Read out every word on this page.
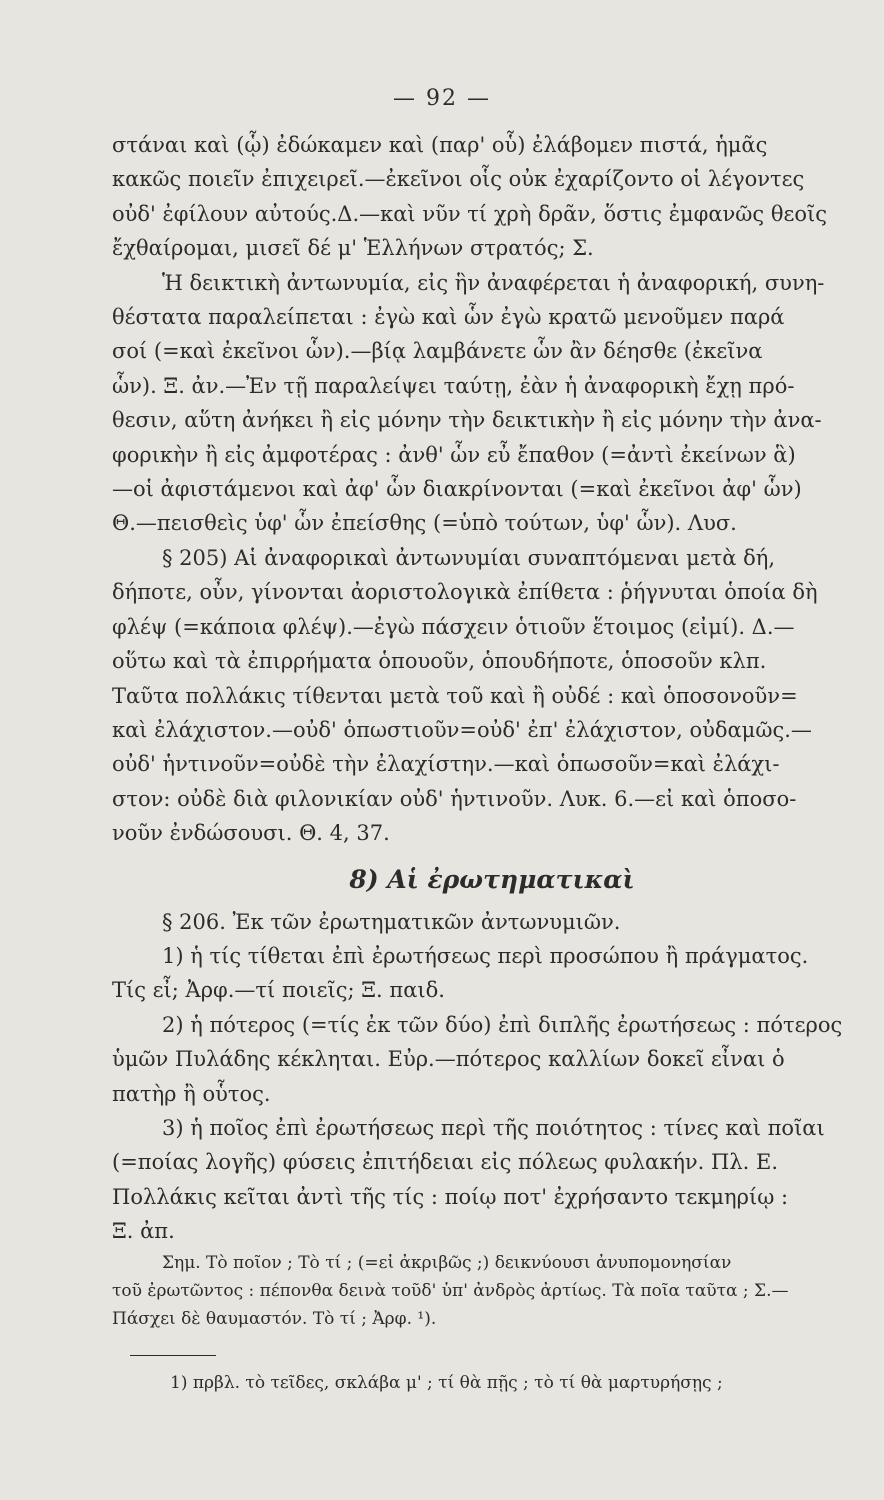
— 92 —

στάναι καὶ (ᾧ) ἐδώκαμεν καὶ (παρ' οὗ) ἐλάβομεν πιστά, ἡμᾶς
κακῶς ποιεῖν ἐπιχειρεῖ.—ἐκεῖνοι οἷς οὐκ ἐχαρίζοντο οἱ λέγοντες
οὐδ' ἐφίλουν αὐτούς.Δ.—καὶ νῦν τί χρὴ δρᾶν, ὅστις ἐμφανῶς θεοῖς
ἔχθαίρομαι, μισεῖ δέ μ' Ἑλλήνων στρατός; Σ.

Ἡ δεικτικὴ ἀντωνυμία, εἰς ἣν ἀναφέρεται ἡ ἀναφορική, συνη-
θέστατα παραλείπεται : ἐγὼ καὶ ὧν ἐγὼ κρατῶ μενοῦμεν παρά
σοί (=καὶ ἐκεῖνοι ὧν).—βίᾳ λαμβάνετε ὧν ἂν δέησθε (ἐκεῖνα
ὧν). Ξ. ἀν.—Ἐν τῇ παραλείψει ταύτῃ, ἐὰν ἡ ἀναφορικὴ ἔχῃ πρό-
θεσιν, αὕτη ἀνήκει ἢ εἰς μόνην τὴν δεικτικὴν ἢ εἰς μόνην τὴν ἀνα-
φορικὴν ἢ εἰς ἀμφοτέρας : ἀνθ' ὧν εὖ ἔπαθον (=ἀντὶ ἐκείνων ἃ)
—οἱ ἀφιστάμενοι καὶ ἀφ' ὧν διακρίνονται (=καὶ ἐκεῖνοι ἀφ' ὧν)
Θ.—πεισθεὶς ὑφ' ὧν ἐπείσθης (=ὑπὸ τούτων, ὑφ' ὧν). Λυσ.

§ 205) Αἱ ἀναφορικαὶ ἀντωνυμίαι συναπτόμεναι μετὰ δή,
δήποτε, οὖν, γίνονται ἀοριστολογικὰ ἐπίθετα : ῥήγνυται ὁποία δὴ
φλέψ (=κάποια φλέψ).—ἐγὼ πάσχειν ὁτιοῦν ἕτοιμος (εἰμί). Δ.—
οὕτω καὶ τὰ ἐπιρρήματα ὁπουοῦν, ὁπουδήποτε, ὁποσοῦν κλπ.
Ταῦτα πολλάκις τίθενται μετὰ τοῦ καὶ ἢ οὐδέ : καὶ ὁποσονοῦν=
καὶ ἐλάχιστον.—οὐδ' ὁπωστιοῦν=οὐδ' ἐπ' ἐλάχιστον, οὐδαμῶς.—
οὐδ' ἡντινοῦν=οὐδὲ τὴν ἐλαχίστην.—καὶ ὁπωσοῦν=καὶ ἐλάχι-
στον: οὐδὲ διὰ φιλονικίαν οὐδ' ἡντινοῦν. Λυκ. 6.—εἰ καὶ ὁποσο-
νοῦν ἐνδώσουσι. Θ. 4, 37.

8) Αἱ ἐρωτηματικαὶ

§ 206. Ἐκ τῶν ἐρωτηματικῶν ἀντωνυμιῶν.

1) ἡ τίς τίθεται ἐπὶ ἐρωτήσεως περὶ προσώπου ἢ πράγματος.
Τίς εἶ; Ἀρφ.—τί ποιεῖς; Ξ. παιδ.

2) ἡ πότερος (=τίς ἐκ τῶν δύο) ἐπὶ διπλῆς ἐρωτήσεως : πότερος
ὑμῶν Πυλάδης κέκληται. Εὐρ.—πότερος καλλίων δοκεῖ εἶναι ὁ
πατὴρ ἢ οὗτος.

3) ἡ ποῖος ἐπὶ ἐρωτήσεως περὶ τῆς ποιότητος : τίνες καὶ ποῖαι
(=ποίας λογῆς) φύσεις ἐπιτήδειαι εἰς πόλεως φυλακήν. Πλ. Ε.
Πολλάκις κεῖται ἀντὶ τῆς τίς : ποίῳ ποτ' ἐχρήσαντο τεκμηρίῳ :
Ξ. ἀπ.

Σημ. Τὸ ποῖον ; Τὸ τί ; (=εἰ ἀκριβῶς ;) δεικνύουσι ἀνυπομονησίαν
τοῦ ἐρωτῶντος : πέπονθα δεινὰ τοῦδ' ὑπ' ἀνδρὸς ἀρτίως. Τὰ ποῖα ταῦτα ; Σ.—
Πάσχει δὲ θαυμαστόν. Τὸ τί ; Ἀρφ. ¹).

1) πρβλ. τὸ τεῖδες, σκλάβα μ' ; τί θὰ πῇς ; τὸ τί θὰ μαρτυρήσῃς ;
